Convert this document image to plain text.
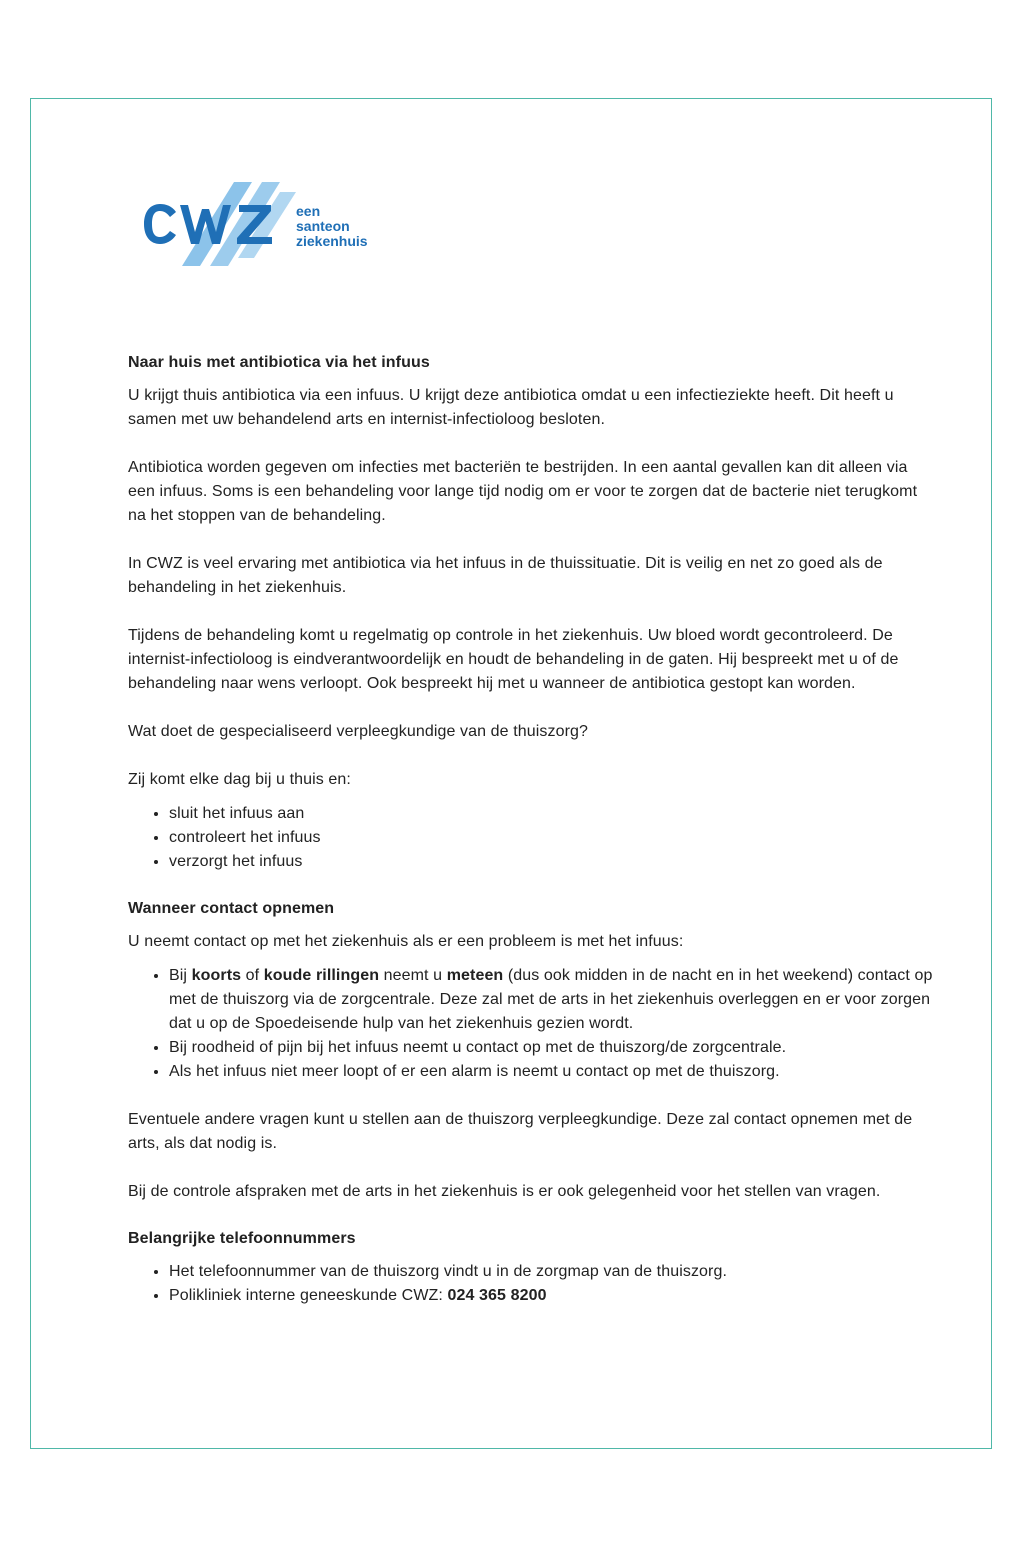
een
santeon
ziekenhuis
Naar huis met antibiotica via het infuus

U krijgt thuis antibiotica via een infuus. U krijgt deze antibiotica omdat u een infectieziekte heeft. Dit heeft u samen met uw behandelend arts en internist-infectioloog besloten.

Antibiotica worden gegeven om infecties met bacteriën te bestrijden. In een aantal gevallen kan dit alleen via een infuus. Soms is een behandeling voor lange tijd nodig om er voor te zorgen dat de bacterie niet terugkomt na het stoppen van de behandeling.

In CWZ is veel ervaring met antibiotica via het infuus in de thuissituatie. Dit is veilig en net zo goed als de behandeling in het ziekenhuis.

Tijdens de behandeling komt u regelmatig op controle in het ziekenhuis. Uw bloed wordt gecontroleerd. De internist-infectioloog is eindverantwoordelijk en houdt de behandeling in de gaten. Hij bespreekt met u of de behandeling naar wens verloopt. Ook bespreekt hij met u wanneer de antibiotica gestopt kan worden.

Wat doet de gespecialiseerd verpleegkundige van de thuiszorg?

Zij komt elke dag bij u thuis en:

• sluit het infuus aan
• controleert het infuus
• verzorgt het infuus
Wanneer contact opnemen

U neemt contact op met het ziekenhuis als er een probleem is met het infuus:

• Bij koorts of koude rillingen neemt u meteen (dus ook midden in de nacht en in het weekend) contact op met de thuiszorg via de zorgcentrale. Deze zal met de arts in het ziekenhuis overleggen en er voor zorgen dat u op de Spoedeisende hulp van het ziekenhuis gezien wordt.
• Bij roodheid of pijn bij het infuus neemt u contact op met de thuiszorg/de zorgcentrale.
• Als het infuus niet meer loopt of er een alarm is neemt u contact op met de thuiszorg.

Eventuele andere vragen kunt u stellen aan de thuiszorg verpleegkundige. Deze zal contact opnemen met de arts, als dat nodig is.

Bij de controle afspraken met de arts in het ziekenhuis is er ook gelegenheid voor het stellen van vragen.

Belangrijke telefoonnummers
• Het telefoonnummer van de thuiszorg vindt u in de zorgmap van de thuiszorg.
• Polikliniek interne geneeskunde CWZ: 024 365 8200
